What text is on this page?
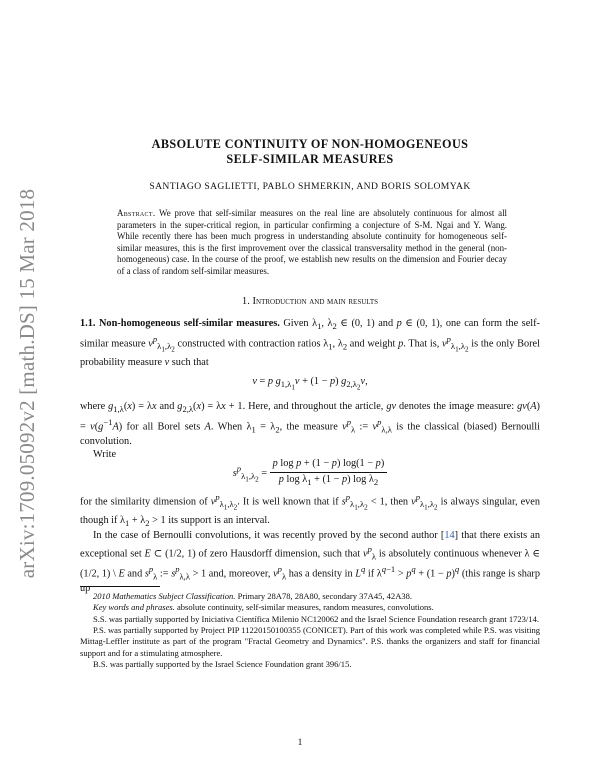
arXiv:1709.05092v2 [math.DS] 15 Mar 2018
ABSOLUTE CONTINUITY OF NON-HOMOGENEOUS
SELF-SIMILAR MEASURES
SANTIAGO SAGLIETTI, PABLO SHMERKIN, AND BORIS SOLOMYAK
Abstract. We prove that self-similar measures on the real line are absolutely continuous for almost all parameters in the super-critical region, in particular confirming a conjecture of S-M. Ngai and Y. Wang. While recently there has been much progress in understanding absolute continuity for homogeneous self-similar measures, this is the first improvement over the classical transversality method in the general (non-homogeneous) case. In the course of the proof, we establish new results on the dimension and Fourier decay of a class of random self-similar measures.
1. Introduction and main results

1.1. Non-homogeneous self-similar measures. Given $\lambda_1$, $\lambda_2$ ∈ (0, 1) and p ∈ (0, 1), one can form the self-similar measure $\nu^p_{\lambda_1,\lambda_2}$ constructed with contraction ratios $\lambda_1$, $\lambda_2$ and weight p. That is, $\nu^p_{\lambda_1,\lambda_2}$ is the only Borel probability measure ν such that

ν = p $g_{1,\lambda_1}\nu + (1 - p)$ $g_{2,\lambda_2}\nu$,

where $g_{1,\lambda}(x) = \lambda x$ and $g_{2,\lambda}(x) = \lambda x + 1$. Here, and throughout the article, gν denotes the image measure: $g\nu(A) = \nu(g^{-1}A)$ for all Borel sets A. When $\lambda_1 = \lambda_2$, the measure $\nu^p_\lambda$ := $\nu^p_{\lambda,\lambda}$ is the classical (biased) Bernoulli convolution.

Write

$s^p_{\lambda_1,\lambda_2} = \frac{\text{p log p + (1 − p) log(1 − p)}}{p \log \lambda_1 + (1 - p) \log \lambda_2}$

for the similarity dimension of $\nu^p_{\lambda_1,\lambda_2}$. It is well known that if $s^p_{\lambda_1,\lambda_2} < 1$, then $\nu^p_{\lambda_1,\lambda_2}$ is always singular, even though if $\lambda_1 + \lambda_2 > 1$ its support is an interval.

In the case of Bernoulli convolutions, it was recently proved by the second author [14] that there exists an exceptional set E ⊂ (1/2, 1) of zero Hausdorff dimension, such that $\nu^p_\lambda$ is absolutely continuous whenever λ ∈ (1/2, 1) \ E and $s^p_\lambda$ := $s^p_{\lambda,\lambda} > 1$ and, moreover, $\nu^p_\lambda$ has a density in $L^q$ if $\lambda^{q-1} > p^q + (1 - p)^q$ (this range is sharp up

2010 Mathematics Subject Classification. Primary 28A78, 28A80, secondary 37A45, 42A38.

Key words and phrases. absolute continuity, self-similar measures, random measures, convolutions.

S.S. was partially supported by Iniciativa Científica Milenio NC120062 and the Israel Science Foundation research grant 1723/14.

P.S. was partially supported by Project PIP 11220150100355 (CONICET). Part of this work was completed while P.S. was visiting Mittag-Leffler institute as part of the program "Fractal Geometry and Dynamics". P.S. thanks the organizers and staff for financial support and for a stimulating atmosphere.

B.S. was partially supported by the Israel Science Foundation grant 396/15.

1
